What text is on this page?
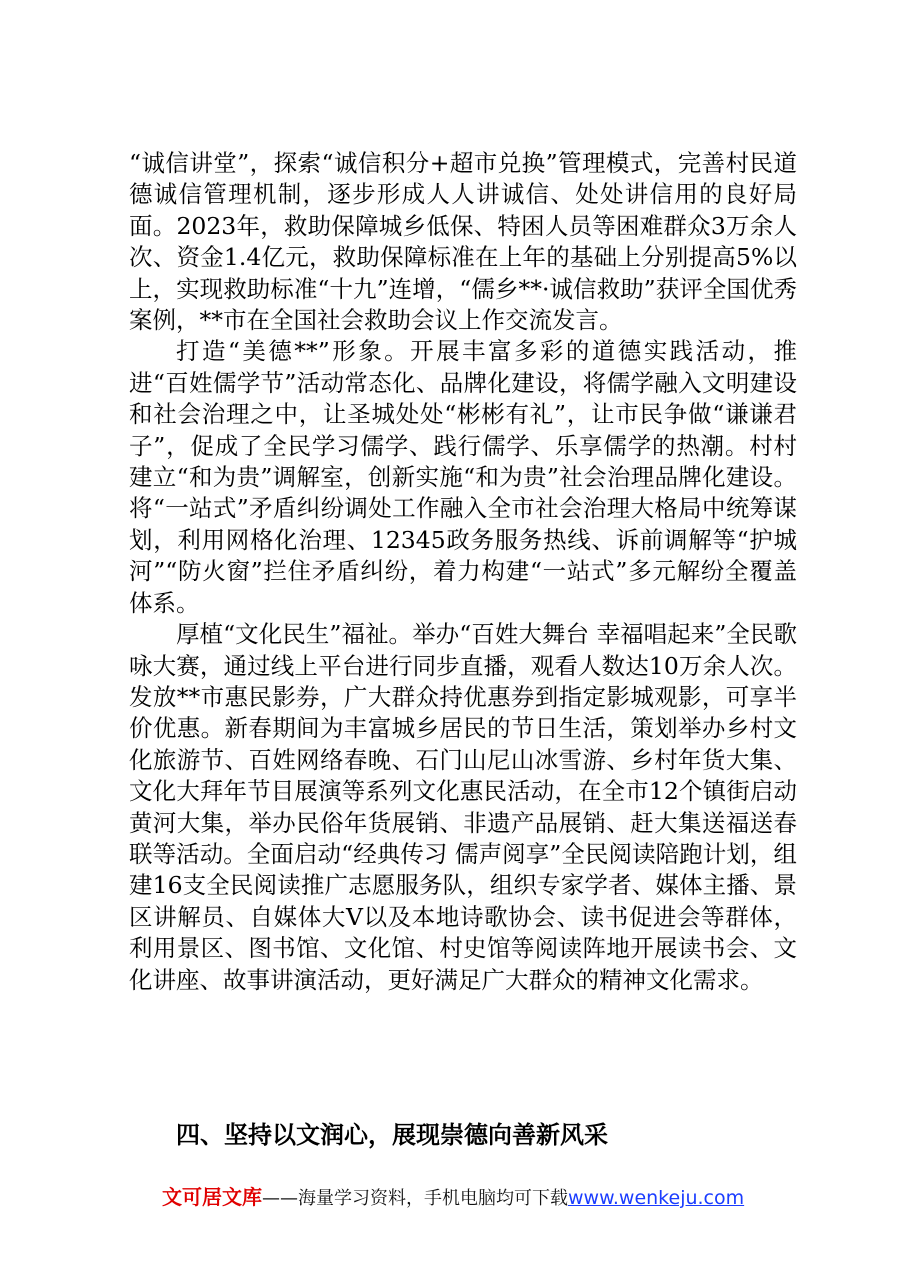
“诚信讲堂”，探索“诚信积分+超市兑换”管理模式，完善村民道德诚信管理机制，逐步形成人人讲诚信、处处讲信用的良好局面。2023年，救助保障城乡低保、特困人员等困难群众3万余人次、资金1.4亿元，救助保障标准在上年的基础上分别提高5%以上，实现救助标准“十九”连增，“儒乡**·诚信救助”获评全国优秀案例，**市在全国社会救助会议上作交流发言。

打造“美德**”形象。开展丰富多彩的道德实践活动，推进“百姓儒学节”活动常态化、品牌化建设，将儒学融入文明建设和社会治理之中，让圣城处处“彬彬有礼”，让市民争做“谦谦君子”，促成了全民学习儒学、践行儒学、乐享儒学的热潮。村村建立“和为贵”调解室，创新实施“和为贵”社会治理品牌化建设。将“一站式”矛盾纠纷调处工作融入全市社会治理大格局中统筹谋划，利用网格化治理、12345政务服务热线、诉前调解等“护城河”“防火窗”拦住矛盾纠纷，着力构建“一站式”多元解纷全覆盖体系。

厚植“文化民生”福祉。举办“百姓大舞台 幸福唱起来”全民歌咏大赛，通过线上平台进行同步直播，观看人数达10万余人次。发放**市惠民影券，广大群众持优惠券到指定影城观影，可享半价优惠。新春期间为丰富城乡居民的节日生活，策划举办乡村文化旅游节、百姓网络春晚、石门山尼山冰雪游、乡村年货大集、文化大拜年节目展演等系列文化惠民活动，在全市12个镇街启动黄河大集，举办民俗年货展销、非遗产品展销、赶大集送福送春联等活动。全面启动“经典传习 儒声阅享”全民阅读陪跑计划，组建16支全民阅读推广志愿服务队，组织专家学者、媒体主播、景区讲解员、自媒体大V以及本地诗歌协会、读书促进会等群体，利用景区、图书馆、文化馆、村史馆等阅读阵地开展读书会、文化讲座、故事讲演活动，更好满足广大群众的精神文化需求。

四、坚持以文润心，展现崇德向善新风采
文可居文库——海量学习资料，手机电脑均可下载www.wenkeju.com
